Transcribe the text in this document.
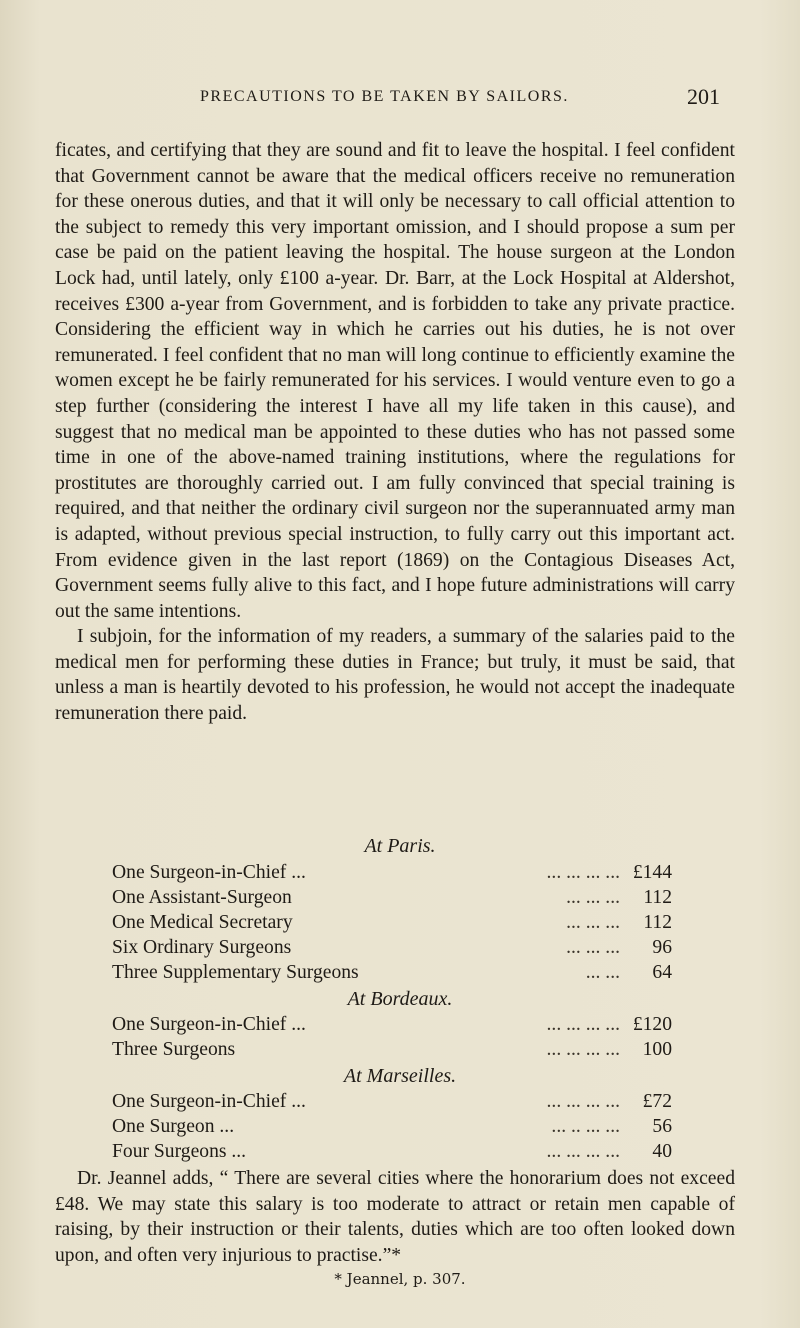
PRECAUTIONS TO BE TAKEN BY SAILORS.	201

ficates, and certifying that they are sound and fit to leave the hospital. I feel confident that Government cannot be aware that the medical officers receive no remuneration for these onerous duties, and that it will only be necessary to call official attention to the subject to remedy this very important omission, and I should propose a sum per case be paid on the patient leaving the hospital. The house surgeon at the London Lock had, until lately, only £100 a-year. Dr. Barr, at the Lock Hospital at Aldershot, receives £300 a-year from Government, and is forbidden to take any private practice. Considering the efficient way in which he carries out his duties, he is not over remunerated. I feel confident that no man will long continue to efficiently examine the women except he be fairly remunerated for his services. I would venture even to go a step further (considering the interest I have all my life taken in this cause), and suggest that no medical man be appointed to these duties who has not passed some time in one of the above-named training institutions, where the regulations for prostitutes are thoroughly carried out. I am fully convinced that special training is required, and that neither the ordinary civil surgeon nor the superannuated army man is adapted, without previous special instruction, to fully carry out this important act. From evidence given in the last report (1869) on the Contagious Diseases Act, Government seems fully alive to this fact, and I hope future administrations will carry out the same intentions.

I subjoin, for the information of my readers, a summary of the salaries paid to the medical men for performing these duties in France; but truly, it must be said, that unless a man is heartily devoted to his profession, he would not accept the inadequate remuneration there paid.

At Paris.
One Surgeon-in-Chief ...	... ... ... ... £144
One Assistant-Surgeon	... ... ...	112
One Medical Secretary	... ... ...	112
Six Ordinary Surgeons	... ... ...	96
Three Supplementary Surgeons	... ...	64
At Bordeaux.
One Surgeon-in-Chief ...	... ... ... ... £120
Three Surgeons	... ... ... ...	100
At Marseilles.
One Surgeon-in-Chief ...	... ... ... ...	£72
One Surgeon ...	... .. ... ...	56
Four Surgeons ...	... ... ... ...	40

Dr. Jeannel adds, “ There are several cities where the honorarium does not exceed £48. We may state this salary is too moderate to attract or retain men capable of raising, by their instruction or their talents, duties which are too often looked down upon, and often very injurious to practise.”*

* Jeannel, p. 307.
